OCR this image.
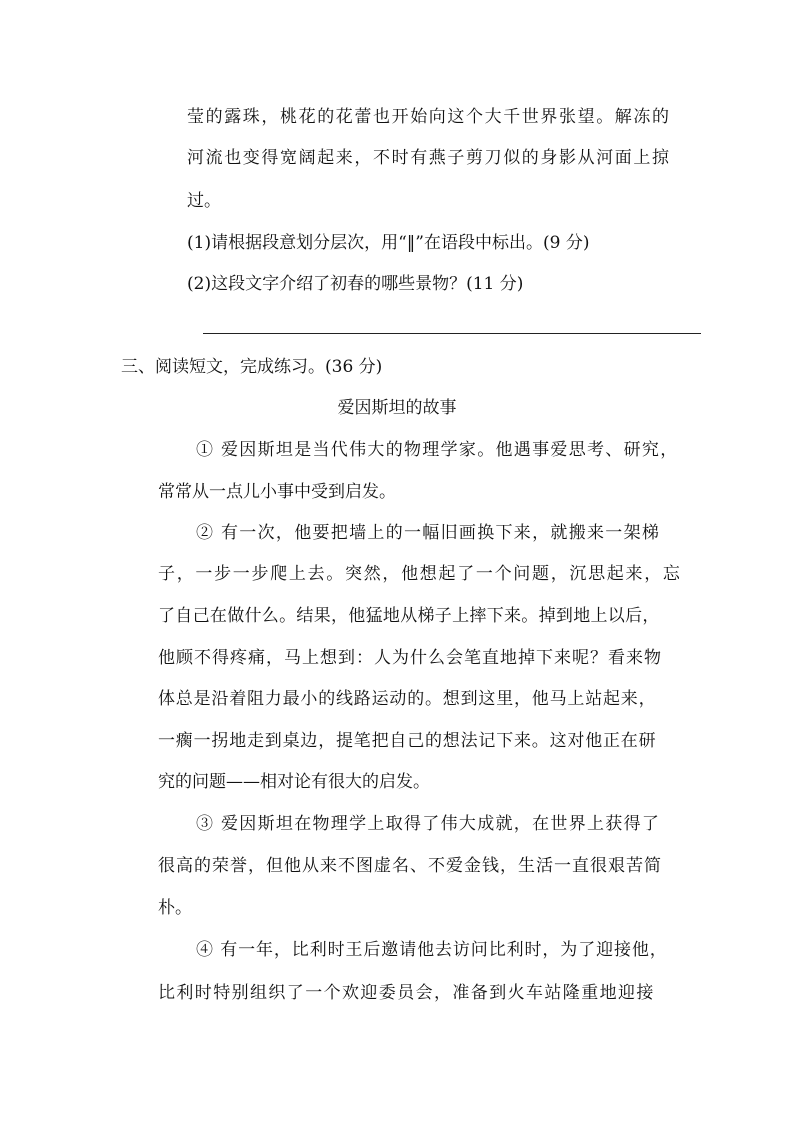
莹的露珠，桃花的花蕾也开始向这个大千世界张望。解冻的
河流也变得宽阔起来，不时有燕子剪刀似的身影从河面上掠
过。
(1)请根据段意划分层次，用“‖”在语段中标出。(9 分)
(2)这段文字介绍了初春的哪些景物？(11 分)
三、阅读短文，完成练习。(36 分)
爱因斯坦的故事
① 爱因斯坦是当代伟大的物理学家。他遇事爱思考、研究，
常常从一点儿小事中受到启发。
② 有一次，他要把墙上的一幅旧画换下来，就搬来一架梯
子，一步一步爬上去。突然，他想起了一个问题，沉思起来，忘
了自己在做什么。结果，他猛地从梯子上摔下来。掉到地上以后，
他顾不得疼痛，马上想到：人为什么会笔直地掉下来呢？看来物
体总是沿着阻力最小的线路运动的。想到这里，他马上站起来，
一瘸一拐地走到桌边，提笔把自己的想法记下来。这对他正在研
究的问题——相对论有很大的启发。
③ 爱因斯坦在物理学上取得了伟大成就，在世界上获得了
很高的荣誉，但他从来不图虚名、不爱金钱，生活一直很艰苦简
朴。
④ 有一年，比利时王后邀请他去访问比利时，为了迎接他，
比利时特别组织了一个欢迎委员会，准备到火车站隆重地迎接
